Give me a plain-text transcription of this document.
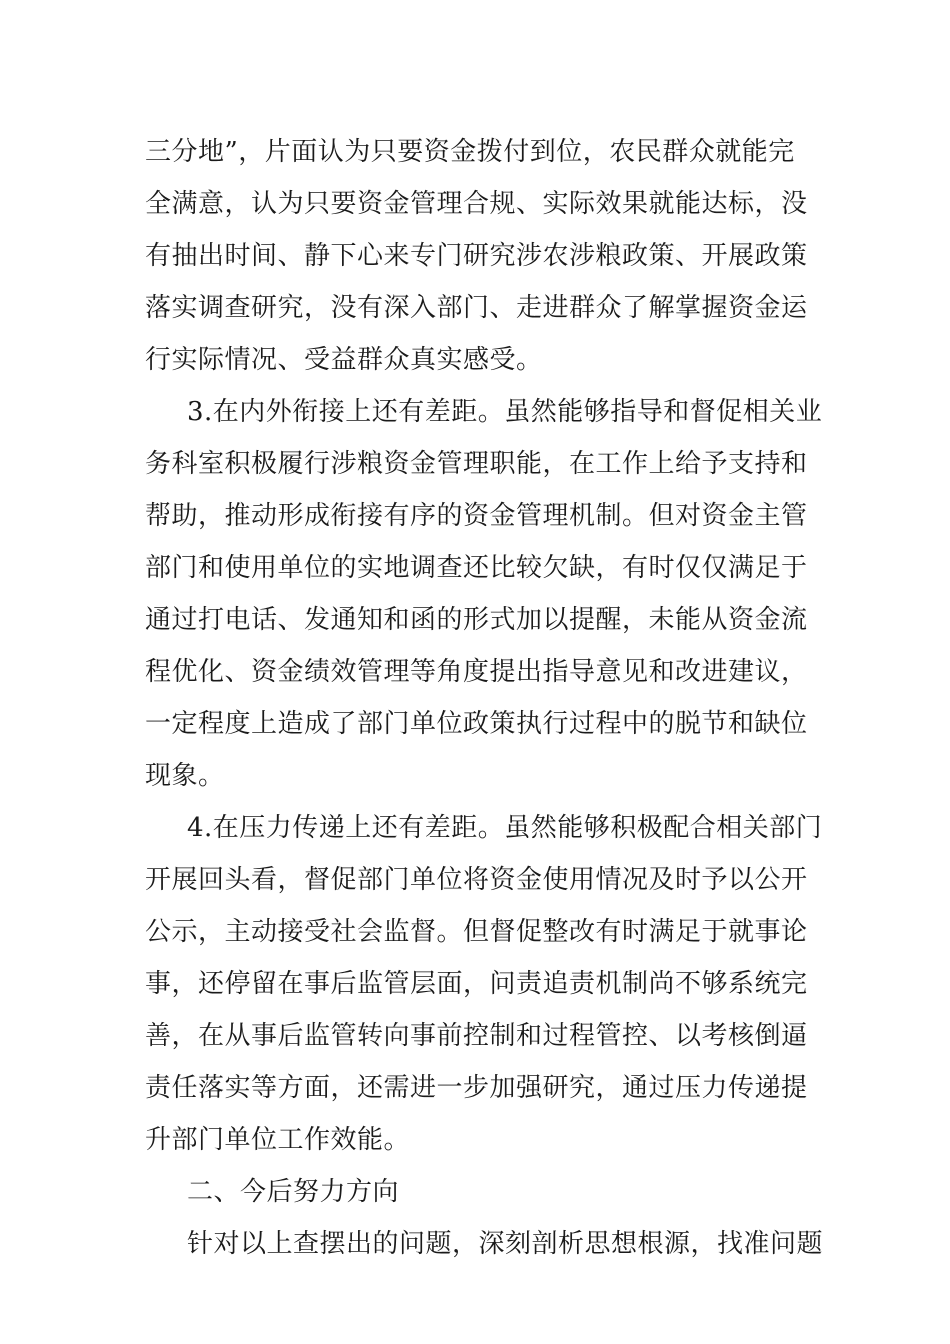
三分地”，片面认为只要资金拨付到位，农民群众就能完
全满意，认为只要资金管理合规、实际效果就能达标，没
有抽出时间、静下心来专门研究涉农涉粮政策、开展政策
落实调查研究，没有深入部门、走进群众了解掌握资金运
行实际情况、受益群众真实感受。
3.在内外衔接上还有差距。虽然能够指导和督促相关业
务科室积极履行涉粮资金管理职能，在工作上给予支持和
帮助，推动形成衔接有序的资金管理机制。但对资金主管
部门和使用单位的实地调查还比较欠缺，有时仅仅满足于
通过打电话、发通知和函的形式加以提醒，未能从资金流
程优化、资金绩效管理等角度提出指导意见和改进建议，
一定程度上造成了部门单位政策执行过程中的脱节和缺位
现象。
4.在压力传递上还有差距。虽然能够积极配合相关部门
开展回头看，督促部门单位将资金使用情况及时予以公开
公示，主动接受社会监督。但督促整改有时满足于就事论
事，还停留在事后监管层面，问责追责机制尚不够系统完
善，在从事后监管转向事前控制和过程管控、以考核倒逼
责任落实等方面，还需进一步加强研究，通过压力传递提
升部门单位工作效能。
二、今后努力方向
针对以上查摆出的问题，深刻剖析思想根源，找准问题
